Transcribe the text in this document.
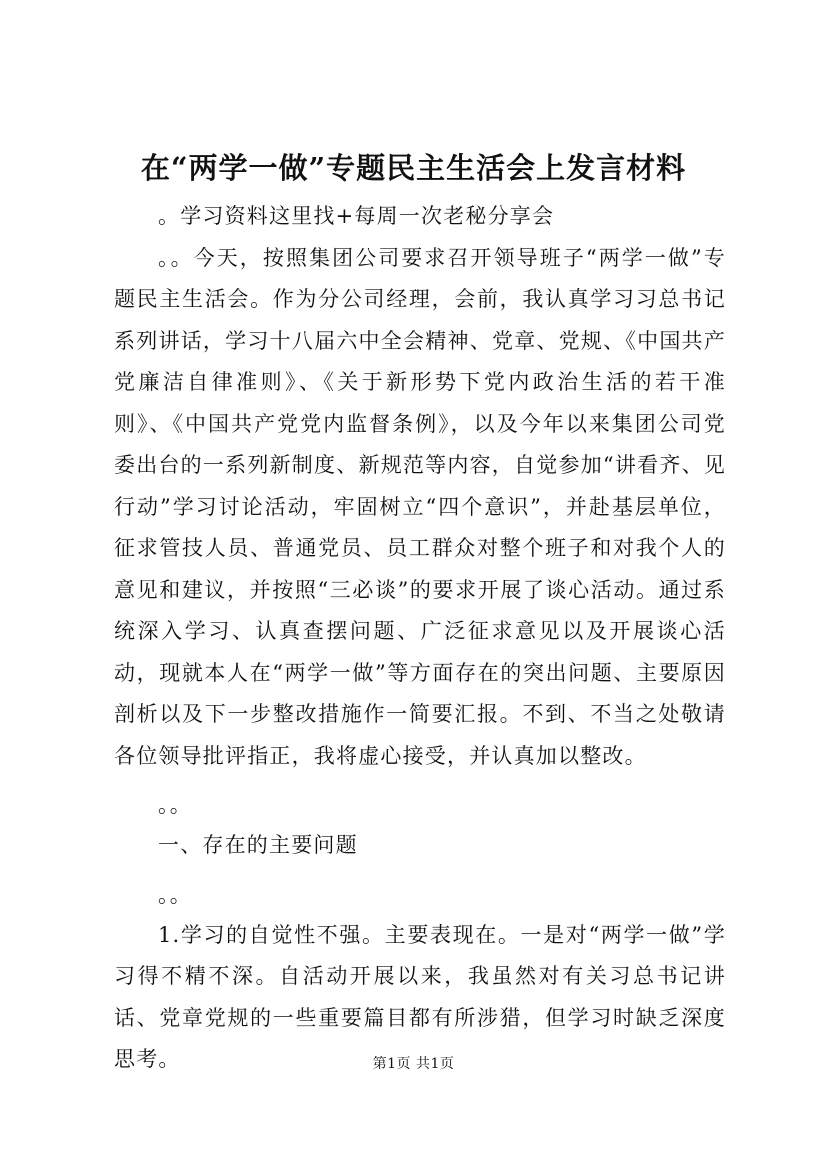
在“两学一做”专题民主生活会上发言材料

。学习资料这里找+每周一次老秘分享会

。。今天，按照集团公司要求召开领导班子“两学一做”专题民主生活会。作为分公司经理，会前，我认真学习习总书记系列讲话，学习十八届六中全会精神、党章、党规、《中国共产党廉洁自律准则》、《关于新形势下党内政治生活的若干准则》、《中国共产党党内监督条例》，以及今年以来集团公司党委出台的一系列新制度、新规范等内容，自觉参加“讲看齐、见行动”学习讨论活动，牢固树立“四个意识”，并赴基层单位，征求管技人员、普通党员、员工群众对整个班子和对我个人的意见和建议，并按照“三必谈”的要求开展了谈心活动。通过系统深入学习、认真查摆问题、广泛征求意见以及开展谈心活动，现就本人在“两学一做”等方面存在的突出问题、主要原因剖析以及下一步整改措施作一简要汇报。不到、不当之处敬请各位领导批评指正，我将虚心接受，并认真加以整改。

。。

一、存在的主要问题

。。

1.学习的自觉性不强。主要表现在。一是对“两学一做”学习得不精不深。自活动开展以来，我虽然对有关习总书记讲话、党章党规的一些重要篇目都有所涉猎，但学习时缺乏深度思考。	第1页 共1页
